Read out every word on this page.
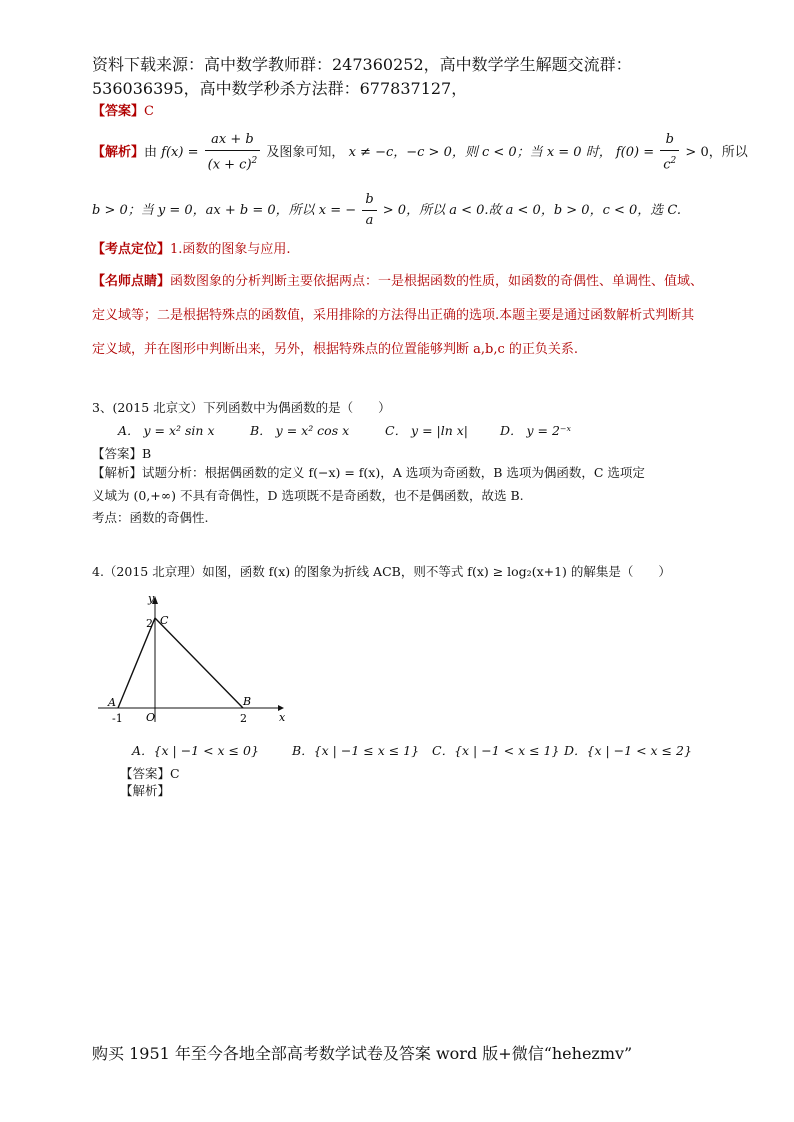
资料下载来源：高中数学教师群：247360252，高中数学学生解题交流群：
536036395，高中数学秒杀方法群：677837127，
【答案】C
【解析】由 $f(x) = \frac{ax + b}{(x + c)^2}$ 及图象可知， x ≠ −c，−c > 0，则 c < 0；当 x = 0 时， $f(0) = \frac{b}{c^2} > 0$，所以
b > 0；当 y = 0，ax + b = 0，所以 x = − $\frac{b}{a} > 0$，所以 a < 0.故 a < 0，b > 0，c < 0，选 C.
【考点定位】1.函数的图象与应用.
【名师点睛】函数图象的分析判断主要依据两点：一是根据函数的性质，如函数的奇偶性、单调性、值域、
定义域等；二是根据特殊点的函数值，采用排除的方法得出正确的选项.本题主要是通过函数解析式判断其
定义域，并在图形中判断出来，另外，根据特殊点的位置能够判断 a,b,c 的正负关系.
3、(2015 北京文）下列函数中为偶函数的是（　　）
A． y = x² sin x	B． y = x² cos x	C． y = |ln x|	D． y = 2⁻ˣ
【答案】B
【解析】试题分析：根据偶函数的定义 f(−x) = f(x)，A 选项为奇函数，B 选项为偶函数，C 选项定
义域为 (0,+∞) 不具有奇偶性，D 选项既不是奇函数，也不是偶函数，故选 B.
考点：函数的奇偶性.
4.（2015 北京理）如图，函数 f(x) 的图象为折线 ACB，则不等式 f(x) ≥ log₂(x+1) 的解集是（　　）
y
x
C
2
A	B
-1 O	2
A．{x | −1 < x ≤ 0}	B．{x | −1 ≤ x ≤ 1} C．{x | −1 < x ≤ 1} D．{x | −1 < x ≤ 2}
【答案】C
【解析】
购买 1951 年至今各地全部高考数学试卷及答案 word 版+微信“hehezmv”
